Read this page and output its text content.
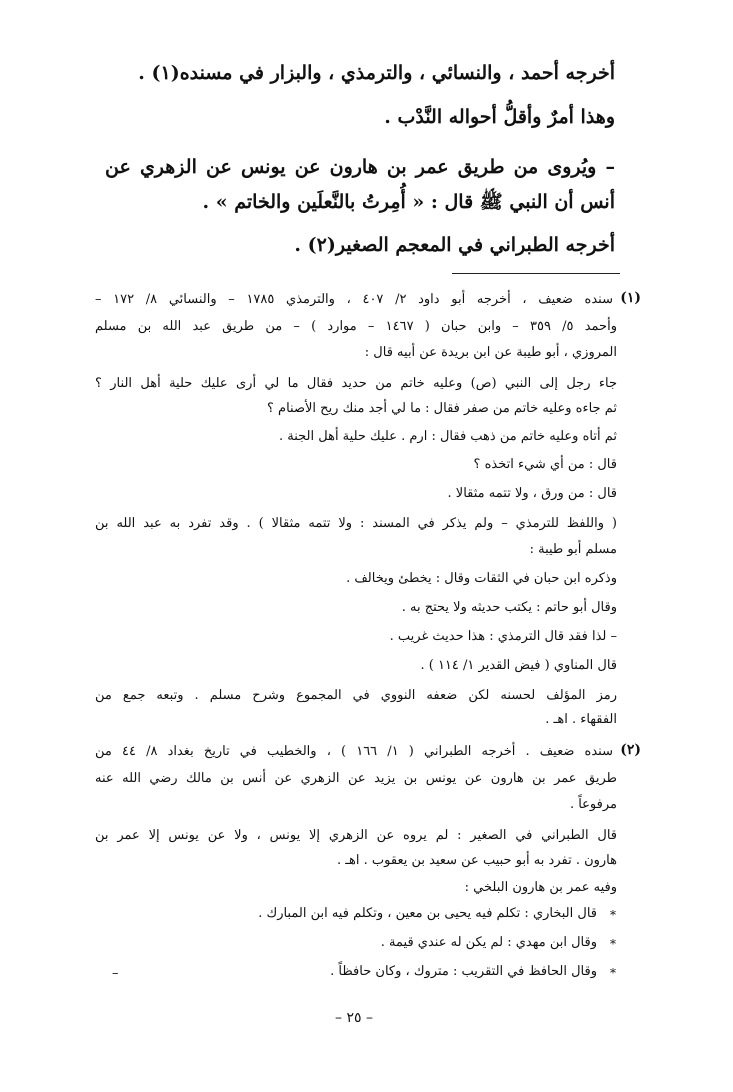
أخرجه أحمد ، والنسائي ، والترمذي ، والبزار في مسنده(١) .
وهذا أمرٌ وأقلُّ أحواله النَّدْب .
– ويُروى من طريق عمر بن هارون عن يونس عن الزهري عن
أنس أن النبي ﷺ قال : « أُمِرتُ بالنَّعلَين والخاتم » .
أخرجه الطبراني في المعجم الصغير(٢) .
(١)
سنده ضعيف ، أخرجه أبو داود ٢/ ٤٠٧ ، والترمذي ١٧٨٥ – والنسائي ٨/ ١٧٢ –
وأحمد ٥/ ٣٥٩ – وابن حبان ( ١٤٦٧ – موارد ) – من طريق عبد الله بن مسلم
المروزي ، أبو طيبة عن ابن بريدة عن أبيه قال :
جاء رجل إلى النبي (ص) وعليه خاتم من حديد فقال ما لي أرى عليك حلية أهل النار ؟
ثم جاءه وعليه خاتم من صفر فقال : ما لي أجد منك ريح الأصنام ؟
ثم أتاه وعليه خاتم من ذهب فقال : ارم . عليك حلية أهل الجنة .
قال : من أي شيء اتخذه ؟
قال : من ورق ، ولا تتمه مثقالا .
( واللفظ للترمذي – ولم يذكر في المسند : ولا تتمه مثقالا ) . وقد تفرد به عبد الله بن
مسلم أبو طيبة :
وذكره ابن حبان في الثقات وقال : يخطئ ويخالف .
وقال أبو حاتم : يكتب حديثه ولا يحتج به .
– لذا فقد قال الترمذي : هذا حديث غريب .
قال المناوي ( فيض القدير ١/ ١١٤ ) .
رمز المؤلف لحسنه لكن ضعفه النووي في المجموع وشرح مسلم . وتبعه جمع من
الفقهاء . اهـ .
(٢)
سنده ضعيف . أخرجه الطبراني ( ١/ ١٦٦ ) ، والخطيب في تاريخ بغداد ٨/ ٤٤ من
طريق عمر بن هارون عن يونس بن يزيد عن الزهري عن أنس بن مالك رضي الله عنه
مرفوعاً .
قال الطبراني في الصغير : لم يروه عن الزهري إلا يونس ، ولا عن يونس إلا عمر بن
هارون . تفرد به أبو حبيب عن سعيد بن يعقوب . اهـ .
وفيه عمر بن هارون البلخي :
*
قال البخاري : تكلم فيه يحيى بن معين ، وتكلم فيه ابن المبارك .
*
وقال ابن مهدي : لم يكن له عندي قيمة .
*
وقال الحافظ في التقريب : متروك ، وكان حافظاً .
–
– ٢٥ –
